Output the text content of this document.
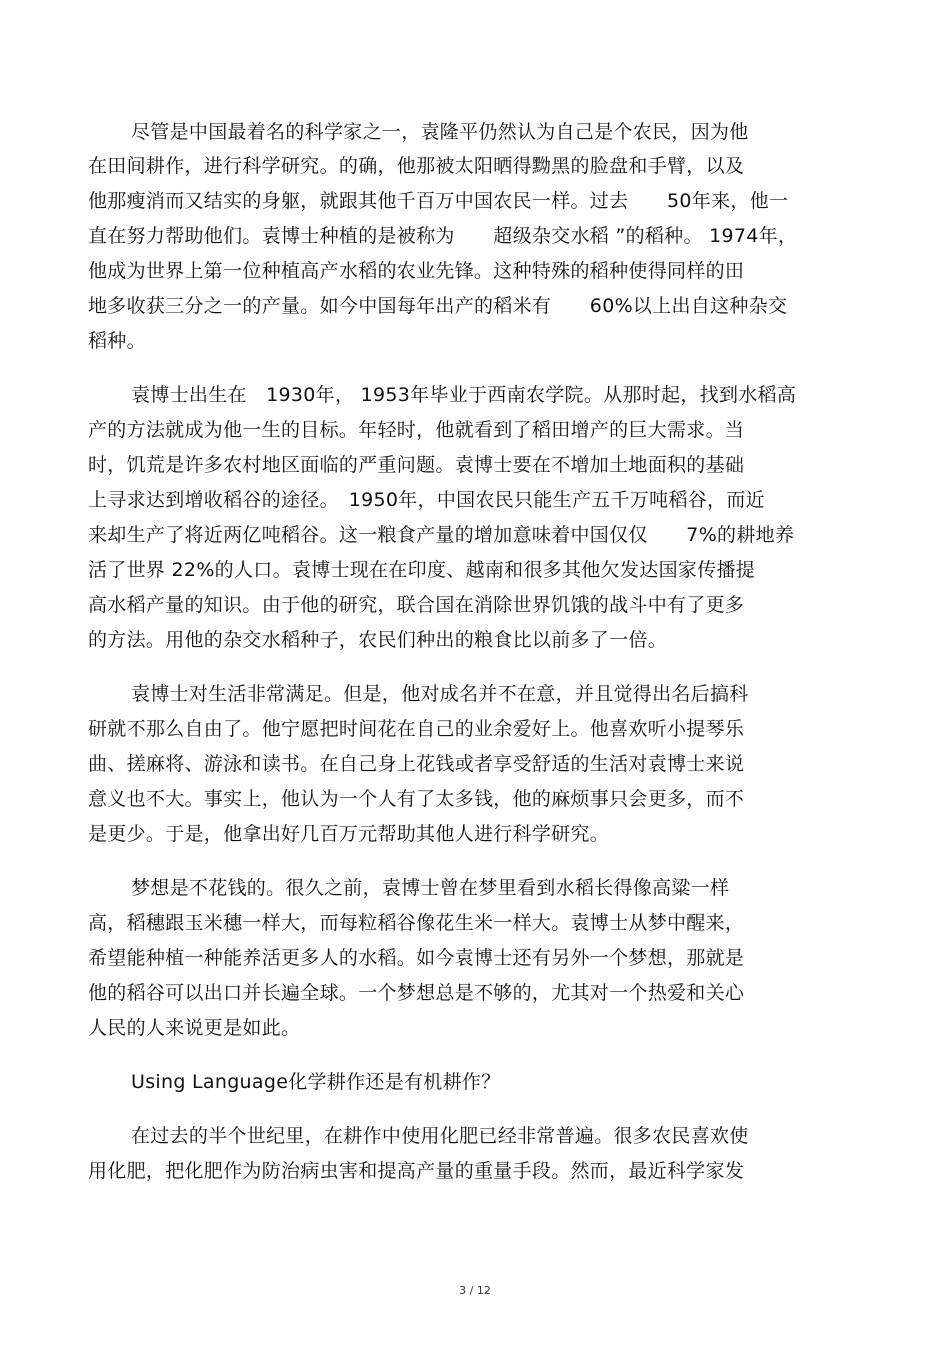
尽管是中国最着名的科学家之一，袁隆平仍然认为自己是个农民，因为他
在田间耕作，进行科学研究。的确，他那被太阳晒得黝黑的脸盘和手臂，以及
他那瘦消而又结实的身躯，就跟其他千百万中国农民一样。过去　　50年来，他一
直在努力帮助他们。袁博士种植的是被称为　　超级杂交水稻 ”的稻种。 1974年，
他成为世界上第一位种植高产水稻的农业先锋。这种特殊的稻种使得同样的田
地多收获三分之一的产量。如今中国每年出产的稻米有　　60%以上出自这种杂交
稻种。
袁博士出生在　1930年， 1953年毕业于西南农学院。从那时起，找到水稻高
产的方法就成为他一生的目标。年轻时，他就看到了稻田增产的巨大需求。当
时，饥荒是许多农村地区面临的严重问题。袁博士要在不增加土地面积的基础
上寻求达到增收稻谷的途径。　1950年，中国农民只能生产五千万吨稻谷，而近
来却生产了将近两亿吨稻谷。这一粮食产量的增加意味着中国仅仅　　7%的耕地养
活了世界 22%的人口。袁博士现在在印度、越南和很多其他欠发达国家传播提
高水稻产量的知识。由于他的研究，联合国在消除世界饥饿的战斗中有了更多
的方法。用他的杂交水稻种子，农民们种出的粮食比以前多了一倍。
袁博士对生活非常满足。但是，他对成名并不在意，并且觉得出名后搞科
研就不那么自由了。他宁愿把时间花在自己的业余爱好上。他喜欢听小提琴乐
曲、搓麻将、游泳和读书。在自己身上花钱或者享受舒适的生活对袁博士来说
意义也不大。事实上，他认为一个人有了太多钱，他的麻烦事只会更多，而不
是更少。于是，他拿出好几百万元帮助其他人进行科学研究。
梦想是不花钱的。很久之前，袁博士曾在梦里看到水稻长得像高粱一样
高，稻穗跟玉米穗一样大，而每粒稻谷像花生米一样大。袁博士从梦中醒来，
希望能种植一种能养活更多人的水稻。如今袁博士还有另外一个梦想，那就是
他的稻谷可以出口并长遍全球。一个梦想总是不够的，尤其对一个热爱和关心
人民的人来说更是如此。
Using Language化学耕作还是有机耕作？
在过去的半个世纪里，在耕作中使用化肥已经非常普遍。很多农民喜欢使
用化肥，把化肥作为防治病虫害和提高产量的重量手段。然而，最近科学家发
3 / 12
